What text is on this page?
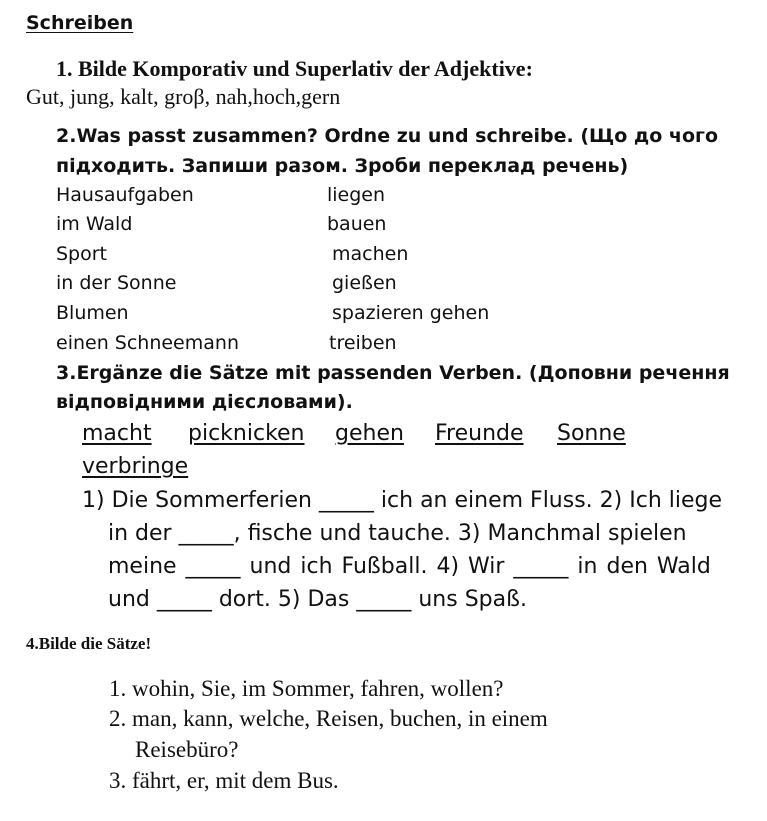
Schreiben
1. Bilde Komporativ und Superlativ der Adjektive:
Gut, jung, kalt, groβ, nah,hoch,gern
2.Was passt zusammen? Ordne zu und schreibe. (Що до чого
підходить. Запиши разом. Зроби переклад речень)
Hausaufgaben
im Wald
Sport
in der Sonne
Blumen
einen Schneemann
liegen
bauen
machen
gießen
spazieren gehen
treiben
3.Ergänze die Sätze mit passenden Verben. (Доповни речення
відповідними дієсловами).
macht picknicken gehen Freunde Sonne
verbringe
1) Die Sommerferien _____ ich an einem Fluss. 2) Ich liege
in der _____, fische und tauche. 3) Manchmal spielen
meine _____ und ich Fußball. 4) Wir _____ in den Wald
und _____ dort. 5) Das _____ uns Spaß.
4.Bilde die Sätze!
1. wohin, Sie, im Sommer, fahren, wollen?
2. man, kann, welche, Reisen, buchen, in einem
Reisebüro?
3. fährt, er, mit dem Bus.
